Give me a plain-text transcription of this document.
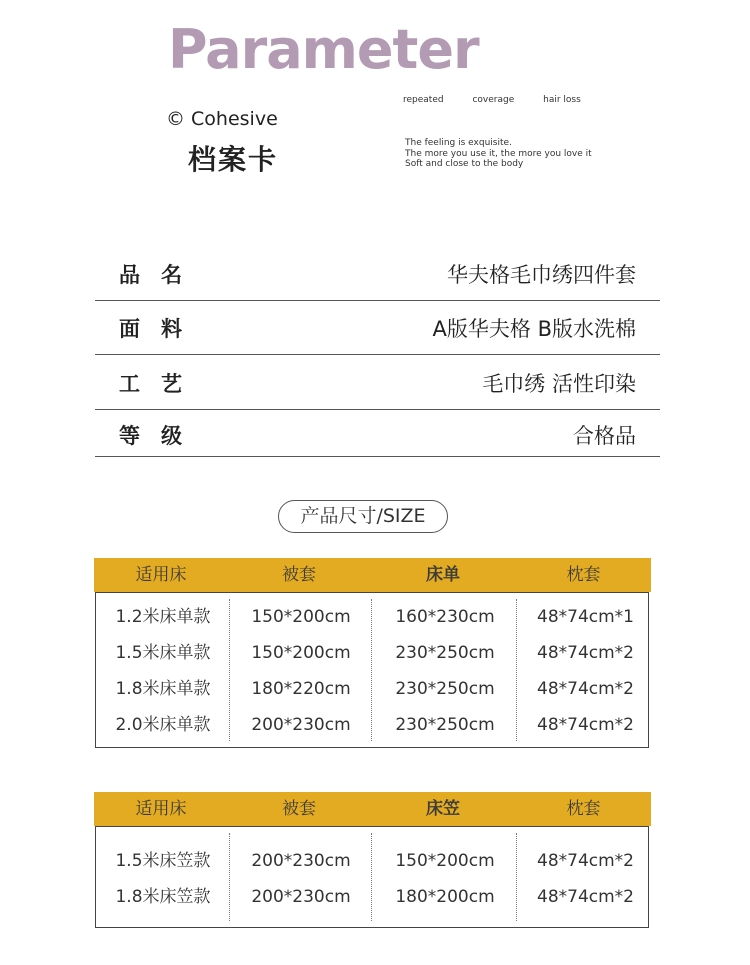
Parameter
© Cohesive
档案卡
repeated	coverage	hair loss
The feeling is exquisite.
The more you use it, the more you love it
Soft and close to the body
品名	华夫格毛巾绣四件套
面料	A版华夫格 B版水洗棉
工艺	毛巾绣 活性印染
等级	合格品
产品尺寸/SIZE
适用床	被套	床单	枕套
1.2米床单款	150*200cm	160*230cm	48*74cm*1
1.5米床单款	150*200cm	230*250cm	48*74cm*2
1.8米床单款	180*220cm	230*250cm	48*74cm*2
2.0米床单款	200*230cm	230*250cm	48*74cm*2
适用床	被套	床笠	枕套
1.5米床笠款	200*230cm	150*200cm	48*74cm*2
1.8米床笠款	200*230cm	180*200cm	48*74cm*2
